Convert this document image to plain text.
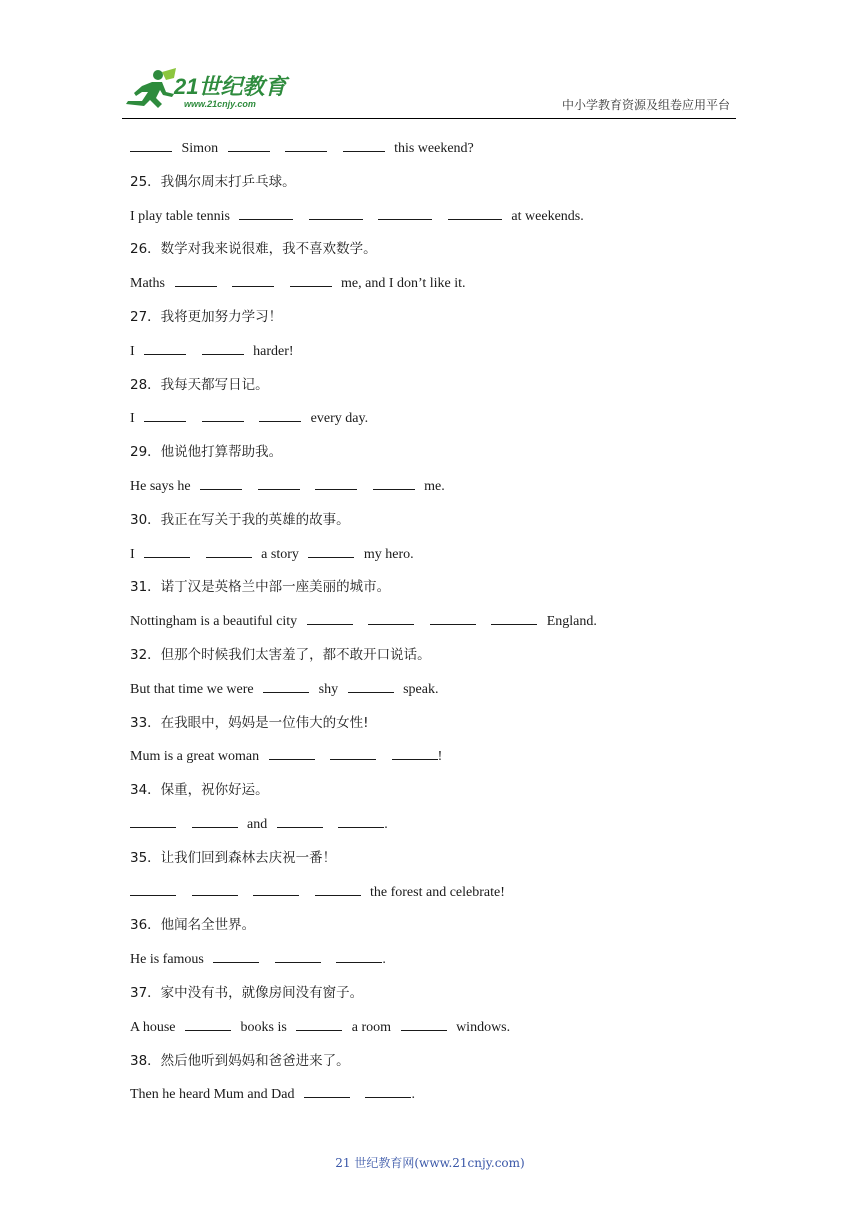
21世纪教育
www.21cnjy.com	中小学教育资源及组卷应用平台
Simon	this weekend?
25．我偶尔周末打乒乓球。
I play table tennis	at weekends.
26．数学对我来说很难，我不喜欢数学。
Maths	me, and I don’t like it.
27．我将更加努力学习！
I	harder!
28．我每天都写日记。
I	every day.
29．他说他打算帮助我。
He says he	me.
30．我正在写关于我的英雄的故事。
I	a story	my hero.
31．诺丁汉是英格兰中部一座美丽的城市。
Nottingham is a beautiful city	England.
32．但那个时候我们太害羞了，都不敢开口说话。
But that time we were	shy	speak.
33．在我眼中，妈妈是一位伟大的女性!
Mum is a great woman	!
34．保重，祝你好运。
and	.
35．让我们回到森林去庆祝一番！
the forest and celebrate!
36．他闻名全世界。
He is famous	.
37．家中没有书，就像房间没有窗子。
A house	books is	a room	windows.
38．然后他听到妈妈和爸爸进来了。
Then he heard Mum and Dad	.
21 世纪教育网(www.21cnjy.com)
